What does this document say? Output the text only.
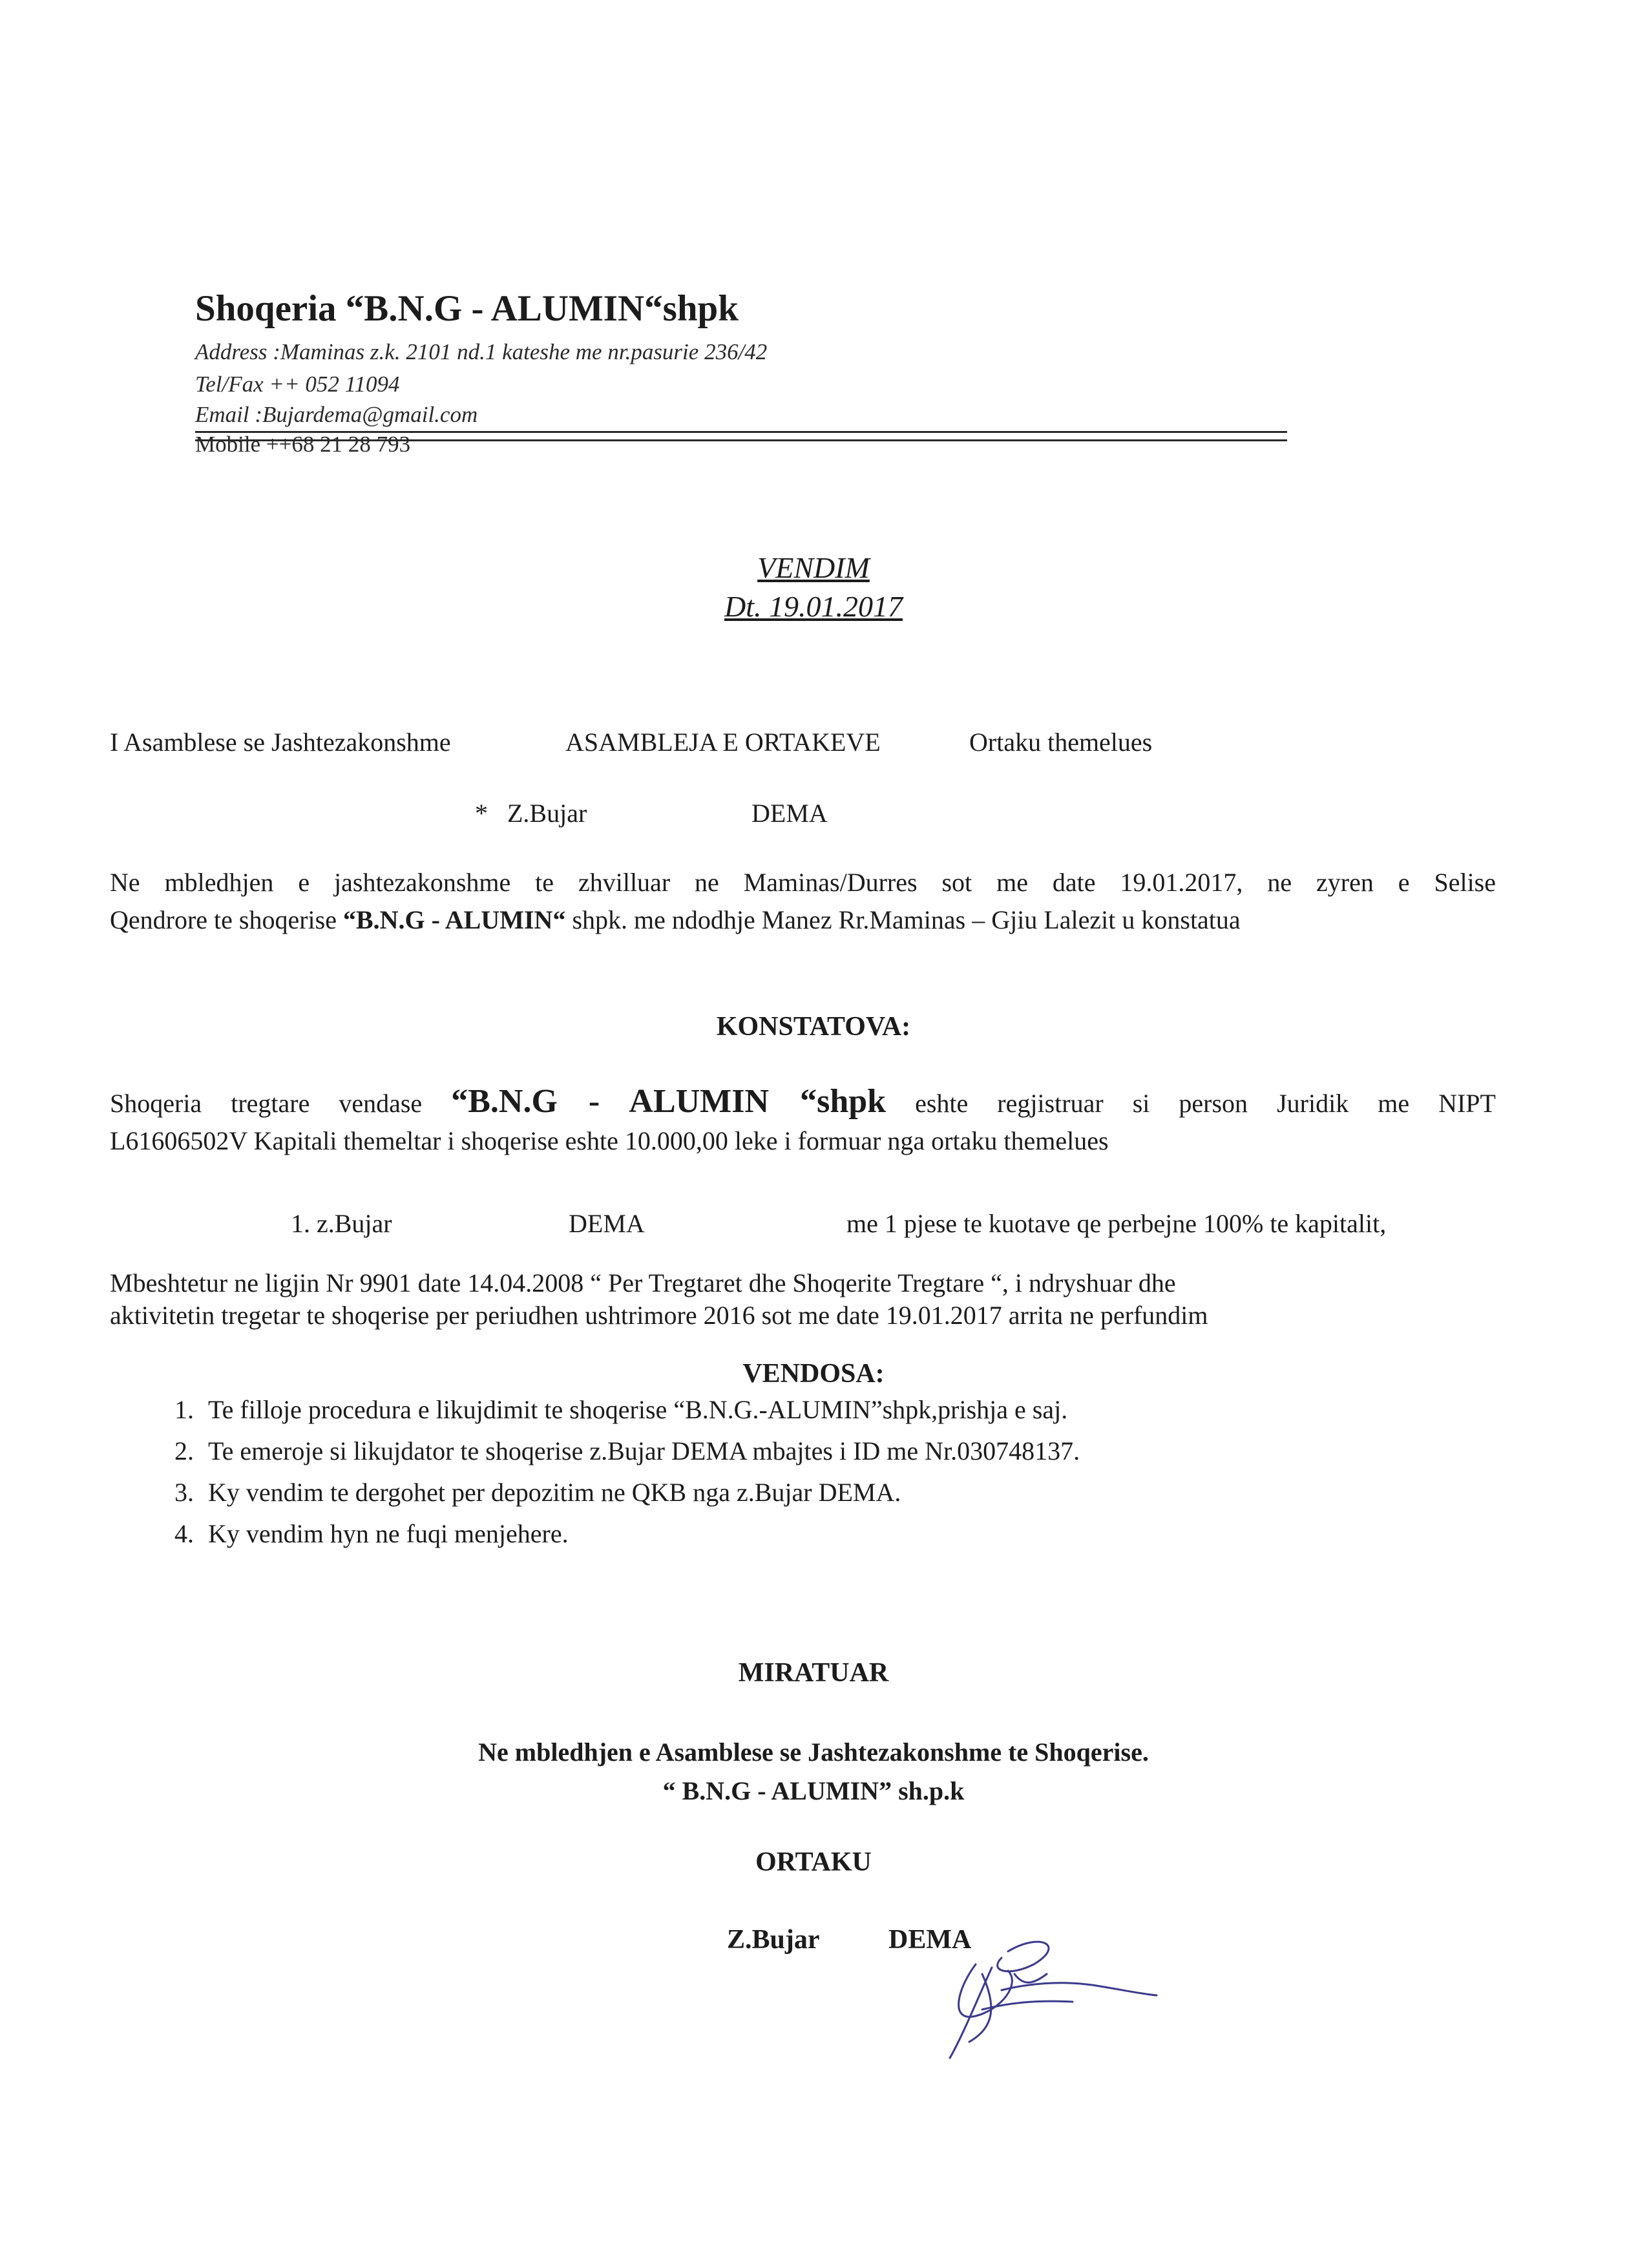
Shoqeria “B.N.G - ALUMIN“shpk
Address :Maminas z.k. 2101 nd.1 kateshe me nr.pasurie 236/42
Tel/Fax ++ 052 11094
Email :Bujardema@gmail.com
Mobile ++68 21 28 793
VENDIM
Dt. 19.01.2017
I Asamblese se Jashtezakonshme	ASAMBLEJA E ORTAKEVE	Ortaku themelues
* Z.Bujar	DEMA
Ne mbledhjen e jashtezakonshme te zhvilluar ne Maminas/Durres sot me date 19.01.2017, ne zyren e Selise
Qendrore te shoqerise “B.N.G - ALUMIN“ shpk. me ndodhje Manez Rr.Maminas – Gjiu Lalezit u konstatua
KONSTATOVA:
Shoqeria tregtare vendase “B.N.G - ALUMIN “shpk eshte regjistruar si person Juridik me NIPT
L61606502V Kapitali themeltar i shoqerise eshte 10.000,00 leke i formuar nga ortaku themelues
1. z.Bujar	DEMA	me 1 pjese te kuotave qe perbejne 100% te kapitalit,
Mbeshtetur ne ligjin Nr 9901 date 14.04.2008 “ Per Tregtaret dhe Shoqerite Tregtare “, i ndryshuar dhe
aktivitetin tregetar te shoqerise per periudhen ushtrimore 2016 sot me date 19.01.2017 arrita ne perfundim
VENDOSA:
1. Te filloje procedura e likujdimit te shoqerise “B.N.G.-ALUMIN”shpk,prishja e saj.
2. Te emeroje si likujdator te shoqerise z.Bujar DEMA mbajtes i ID me Nr.030748137.
3. Ky vendim te dergohet per depozitim ne QKB nga z.Bujar DEMA.
4. Ky vendim hyn ne fuqi menjehere.
MIRATUAR
Ne mbledhjen e Asamblese se Jashtezakonshme te Shoqerise.
“ B.N.G - ALUMIN” sh.p.k
ORTAKU
Z.Bujar	DEMA
